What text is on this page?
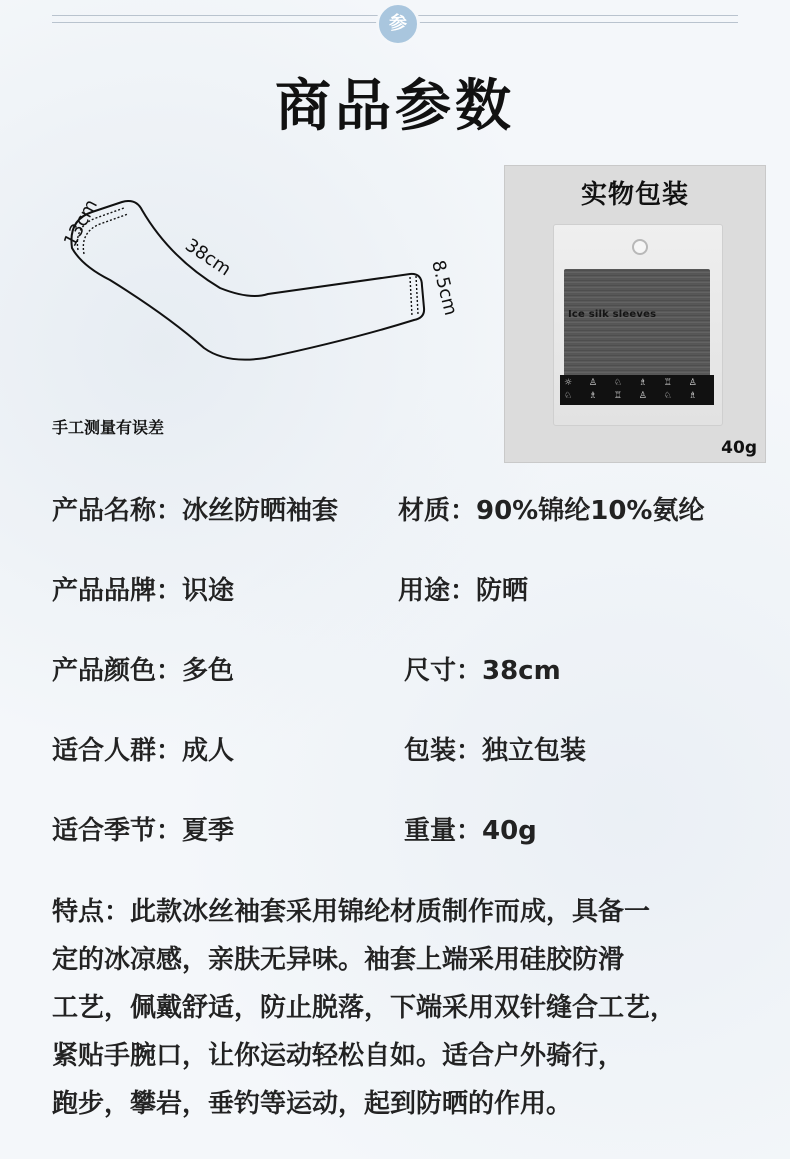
参
商品参数
13cm
38cm
8.5cm
手工测量有误差
实物包装
Ice silk sleeves
☼ ♙ ♘ ♗ ♖ ♙ ♘ ♗ ♖ ♙ ♘ ♗
40g
产品名称：冰丝防晒袖套 材质：90%锦纶10%氨纶
产品品牌：识途	用途：防晒
产品颜色：多色	尺寸：38cm
适合人群：成人	包装：独立包装
适合季节：夏季	重量：40g
特点：此款冰丝袖套采用锦纶材质制作而成，具备一
定的冰凉感，亲肤无异味。袖套上端采用硅胶防滑
工艺，佩戴舒适，防止脱落，下端采用双针缝合工艺，
紧贴手腕口，让你运动轻松自如。适合户外骑行，
跑步，攀岩，垂钓等运动，起到防晒的作用。
